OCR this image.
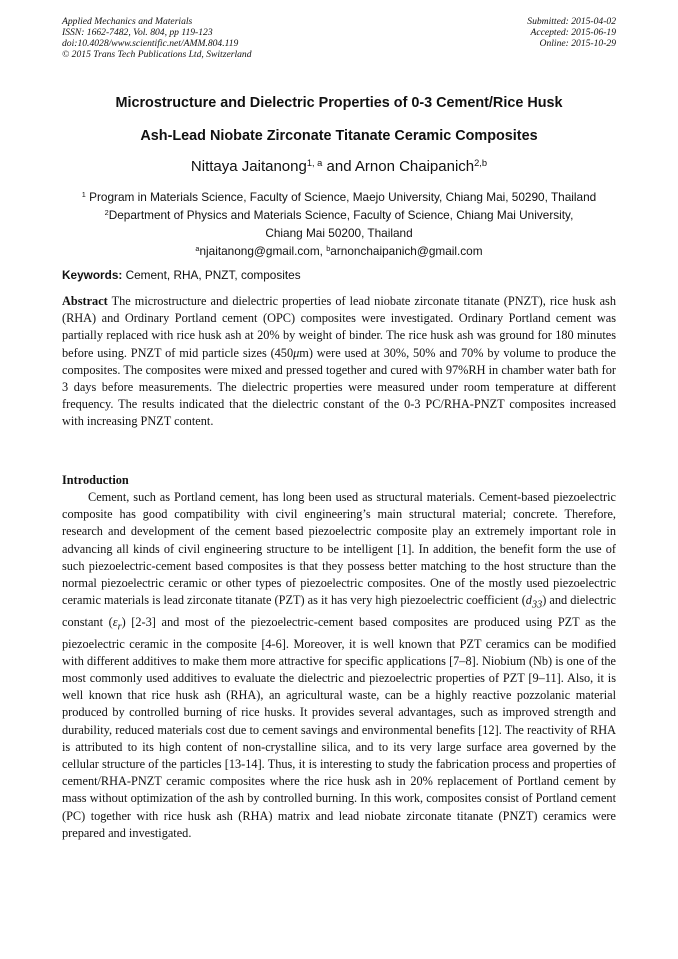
Applied Mechanics and Materials
ISSN: 1662-7482, Vol. 804, pp 119-123
doi:10.4028/www.scientific.net/AMM.804.119
© 2015 Trans Tech Publications Ltd, Switzerland
Submitted: 2015-04-02
Accepted: 2015-06-19
Online: 2015-10-29
Microstructure and Dielectric Properties of 0-3 Cement/Rice Husk
Ash-Lead Niobate Zirconate Titanate Ceramic Composites
Nittaya Jaitanong$^{1, a}$ and Arnon Chaipanich$^{2,b}$
$^1$ Program in Materials Science, Faculty of Science, Maejo University, Chiang Mai, 50290, Thailand
$^2$Department of Physics and Materials Science, Faculty of Science, Chiang Mai University,
Chiang Mai 50200, Thailand
$^a$njaitanong@gmail.com, $^b$arnonchaipanich@gmail.com
Keywords: Cement, RHA, PNZT, composites
Abstract The microstructure and dielectric properties of lead niobate zirconate titanate (PNZT), rice husk ash (RHA) and Ordinary Portland cement (OPC) composites were investigated. Ordinary Portland cement was partially replaced with rice husk ash at 20% by weight of binder. The rice husk ash was ground for 180 minutes before using. PNZT of mid particle sizes (450μm) were used at 30%, 50% and 70% by volume to produce the composites. The composites were mixed and pressed together and cured with 97%RH in chamber water bath for 3 days before measurements. The dielectric properties were measured under room temperature at different frequency. The results indicated that the dielectric constant of the 0-3 PC/RHA-PNZT composites increased with increasing PNZT content.
Introduction
Cement, such as Portland cement, has long been used as structural materials. Cement-based piezoelectric composite has good compatibility with civil engineering’s main structural material; concrete. Therefore, research and development of the cement based piezoelectric composite play an extremely important role in advancing all kinds of civil engineering structure to be intelligent [1]. In addition, the benefit form the use of such piezoelectric-cement based composites is that they possess better matching to the host structure than the normal piezoelectric ceramic or other types of piezoelectric composites. One of the mostly used piezoelectric ceramic materials is lead zirconate titanate (PZT) as it has very high piezoelectric coefficient $(d_{33})$ and dielectric constant $(\varepsilon_r)$ [2-3] and most of the piezoelectric-cement based composites are produced using PZT as the piezoelectric ceramic in the composite [4-6]. Moreover, it is well known that PZT ceramics can be modified with different additives to make them more attractive for specific applications [7–8]. Niobium (Nb) is one of the most commonly used additives to evaluate the dielectric and piezoelectric properties of PZT [9–11]. Also, it is well known that rice husk ash (RHA), an agricultural waste, can be a highly reactive pozzolanic material produced by controlled burning of rice husks. It provides several advantages, such as improved strength and durability, reduced materials cost due to cement savings and environmental benefits [12]. The reactivity of RHA is attributed to its high content of non-crystalline silica, and to its very large surface area governed by the cellular structure of the particles [13-14]. Thus, it is interesting to study the fabrication process and properties of cement/RHA-PNZT ceramic composites where the rice husk ash in 20% replacement of Portland cement by mass without optimization of the ash by controlled burning. In this work, composites consist of Portland cement (PC) together with rice husk ash (RHA) matrix and lead niobate zirconate titanate (PNZT) ceramics were prepared and investigated.
